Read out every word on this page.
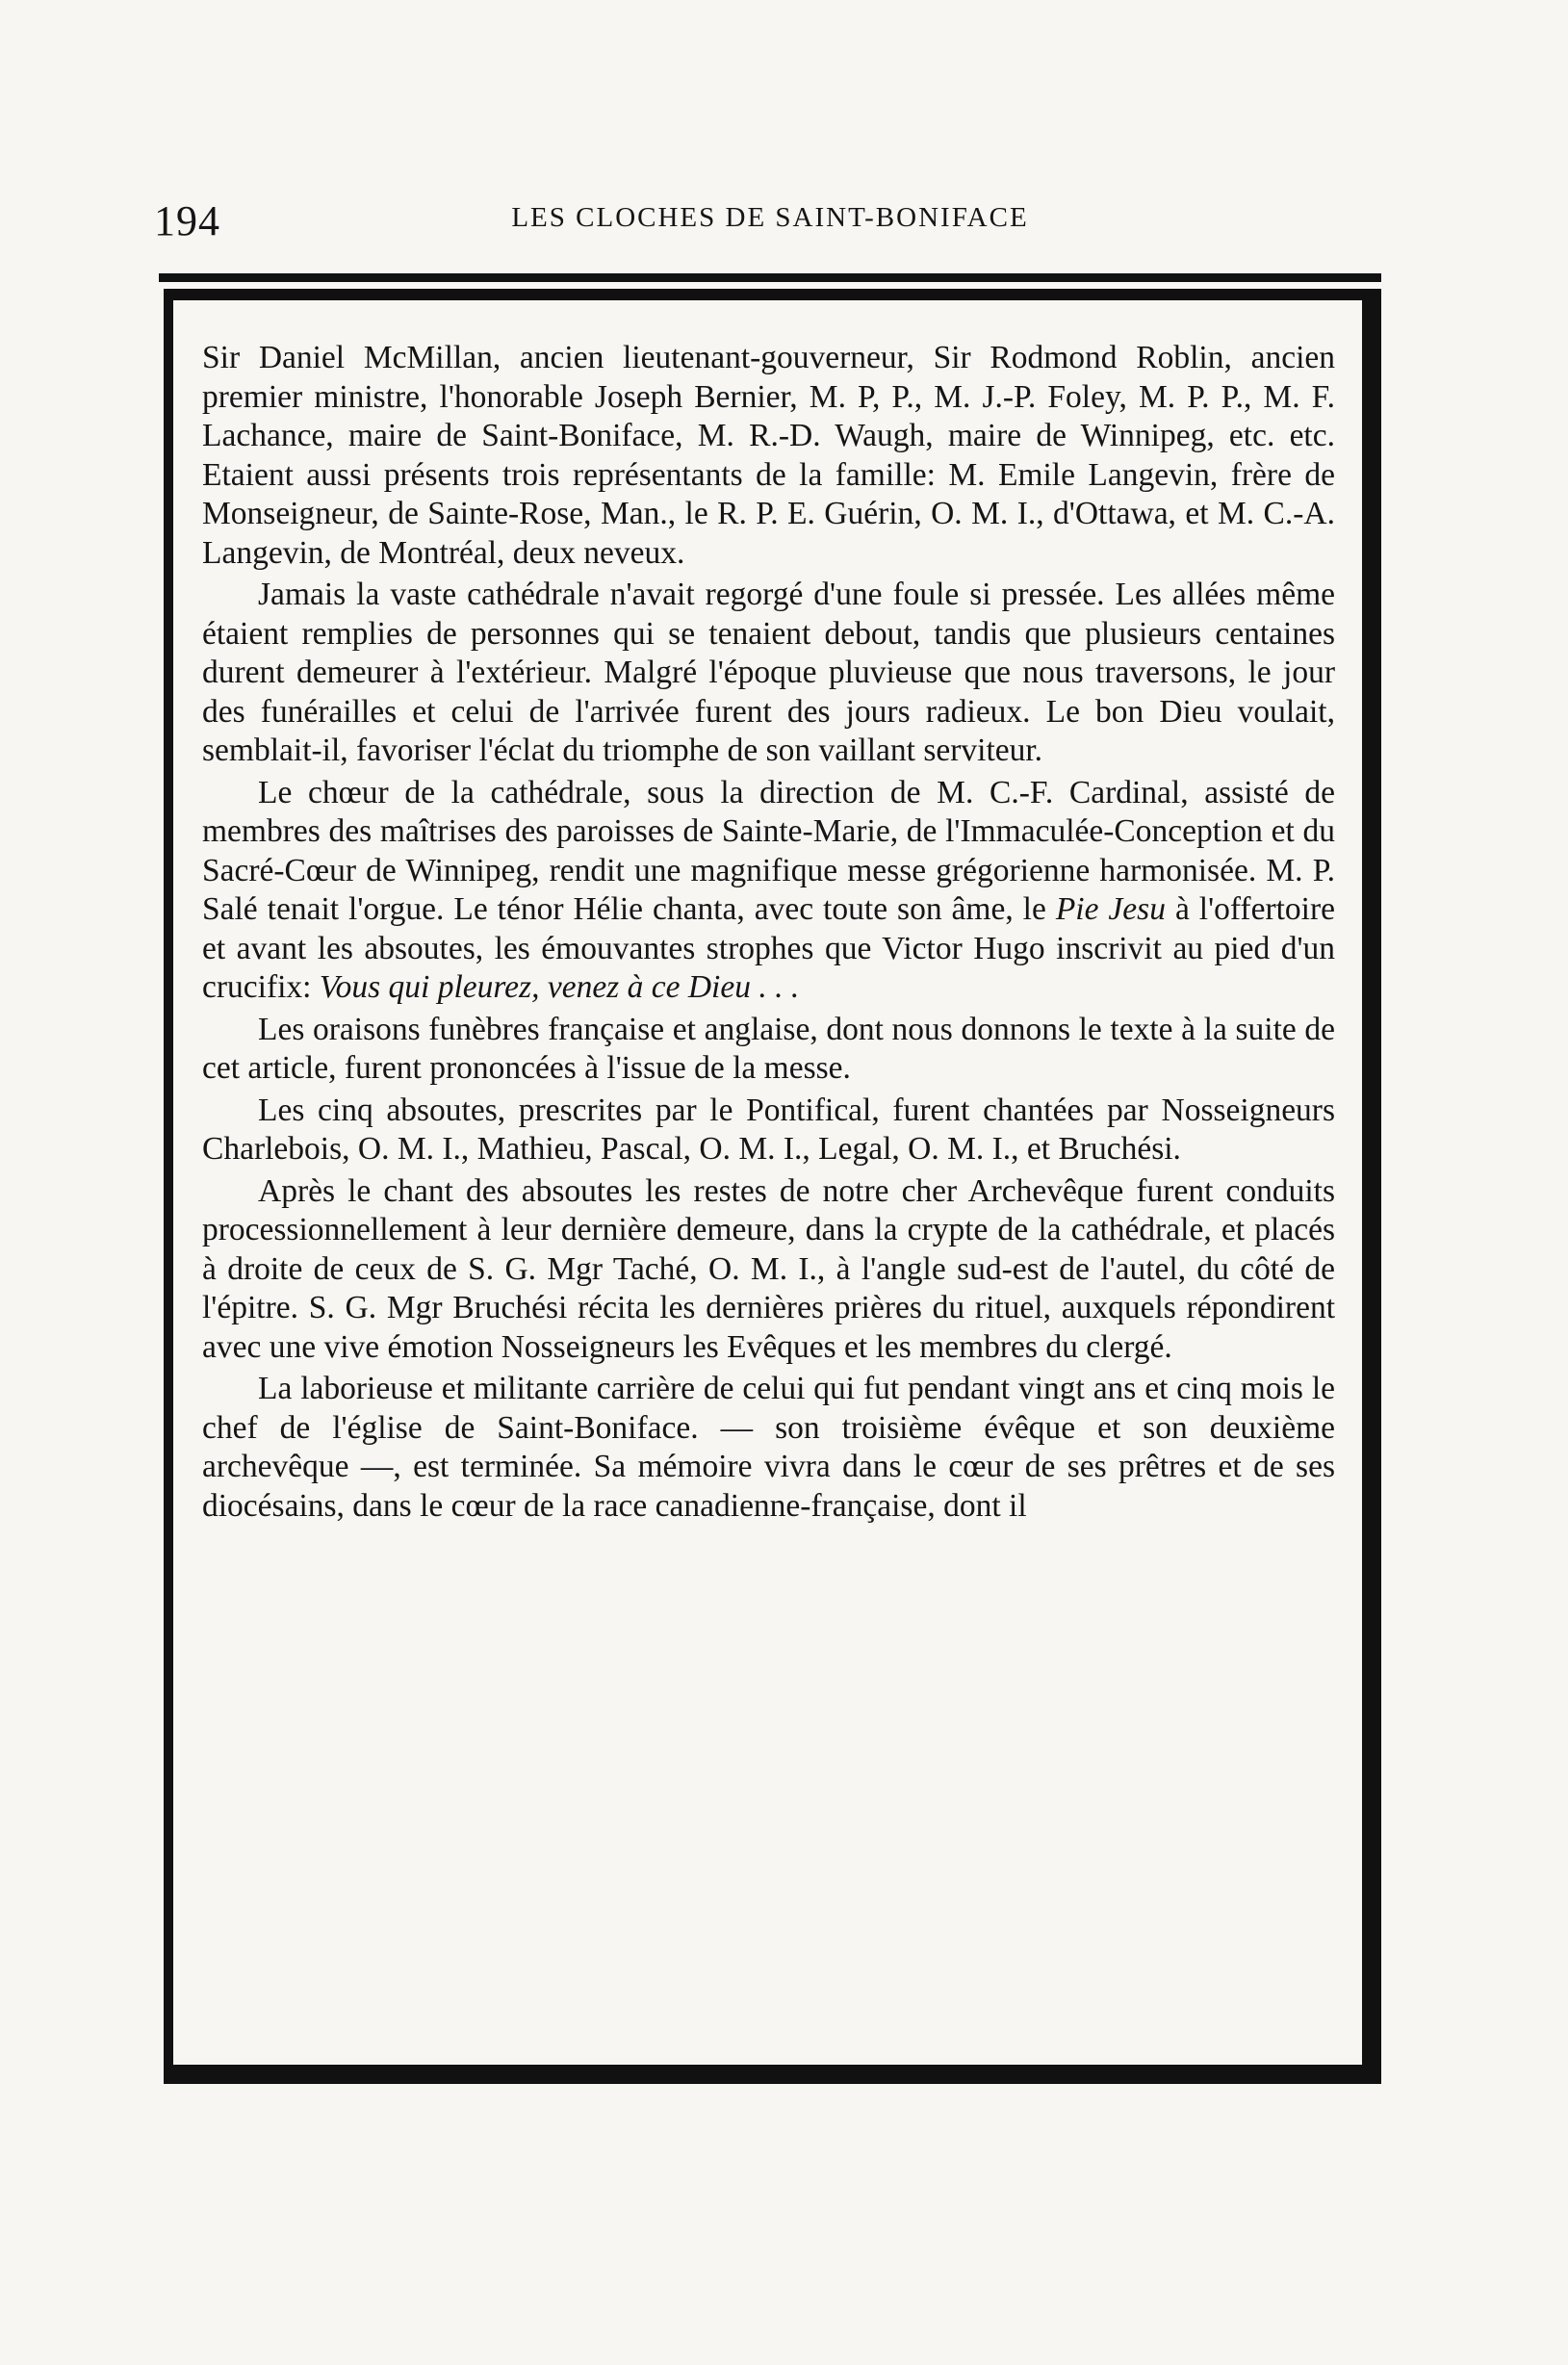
194	LES CLOCHES DE SAINT-BONIFACE

Sir Daniel McMillan, ancien lieutenant-gouverneur, Sir Rodmond Roblin, ancien premier ministre, l'honorable Joseph Bernier, M. P, P., M. J.-P. Foley, M. P. P., M. F. Lachance, maire de Saint-Boniface, M. R.-D. Waugh, maire de Winnipeg, etc. etc. Etaient aussi présents trois représentants de la famille: M. Emile Langevin, frère de Monseigneur, de Sainte-Rose, Man., le R. P. E. Guérin, O. M. I., d'Ottawa, et M. C.-A. Langevin, de Montréal, deux neveux.

Jamais la vaste cathédrale n'avait regorgé d'une foule si pressée. Les allées même étaient remplies de personnes qui se tenaient debout, tandis que plusieurs centaines durent demeurer à l'extérieur. Malgré l'époque pluvieuse que nous traversons, le jour des funérailles et celui de l'arrivée furent des jours radieux. Le bon Dieu voulait, semblait-il, favoriser l'éclat du triomphe de son vaillant serviteur.

Le chœur de la cathédrale, sous la direction de M. C.-F. Cardinal, assisté de membres des maîtrises des paroisses de Sainte-Marie, de l'Immaculée-Conception et du Sacré-Cœur de Winnipeg, rendit une magnifique messe grégorienne harmonisée. M. P. Salé tenait l'orgue. Le ténor Hélie chanta, avec toute son âme, le Pie Jesu à l'offertoire et avant les absoutes, les émouvantes strophes que Victor Hugo inscrivit au pied d'un crucifix: Vous qui pleurez, venez à ce Dieu . . .

Les oraisons funèbres française et anglaise, dont nous donnons le texte à la suite de cet article, furent prononcées à l'issue de la messe.

Les cinq absoutes, prescrites par le Pontifical, furent chantées par Nosseigneurs Charlebois, O. M. I., Mathieu, Pascal, O. M. I., Legal, O. M. I., et Bruchési.

Après le chant des absoutes les restes de notre cher Archevêque furent conduits processionnellement à leur dernière demeure, dans la crypte de la cathédrale, et placés à droite de ceux de S. G. Mgr Taché, O. M. I., à l'angle sud-est de l'autel, du côté de l'épitre. S. G. Mgr Bruchési récita les dernières prières du rituel, auxquels répondirent avec une vive émotion Nosseigneurs les Evêques et les membres du clergé.

La laborieuse et militante carrière de celui qui fut pendant vingt ans et cinq mois le chef de l'église de Saint-Boniface. — son troisième évêque et son deuxième archevêque —, est terminée. Sa mémoire vivra dans le cœur de ses prêtres et de ses diocésains, dans le cœur de la race canadienne-française, dont il
